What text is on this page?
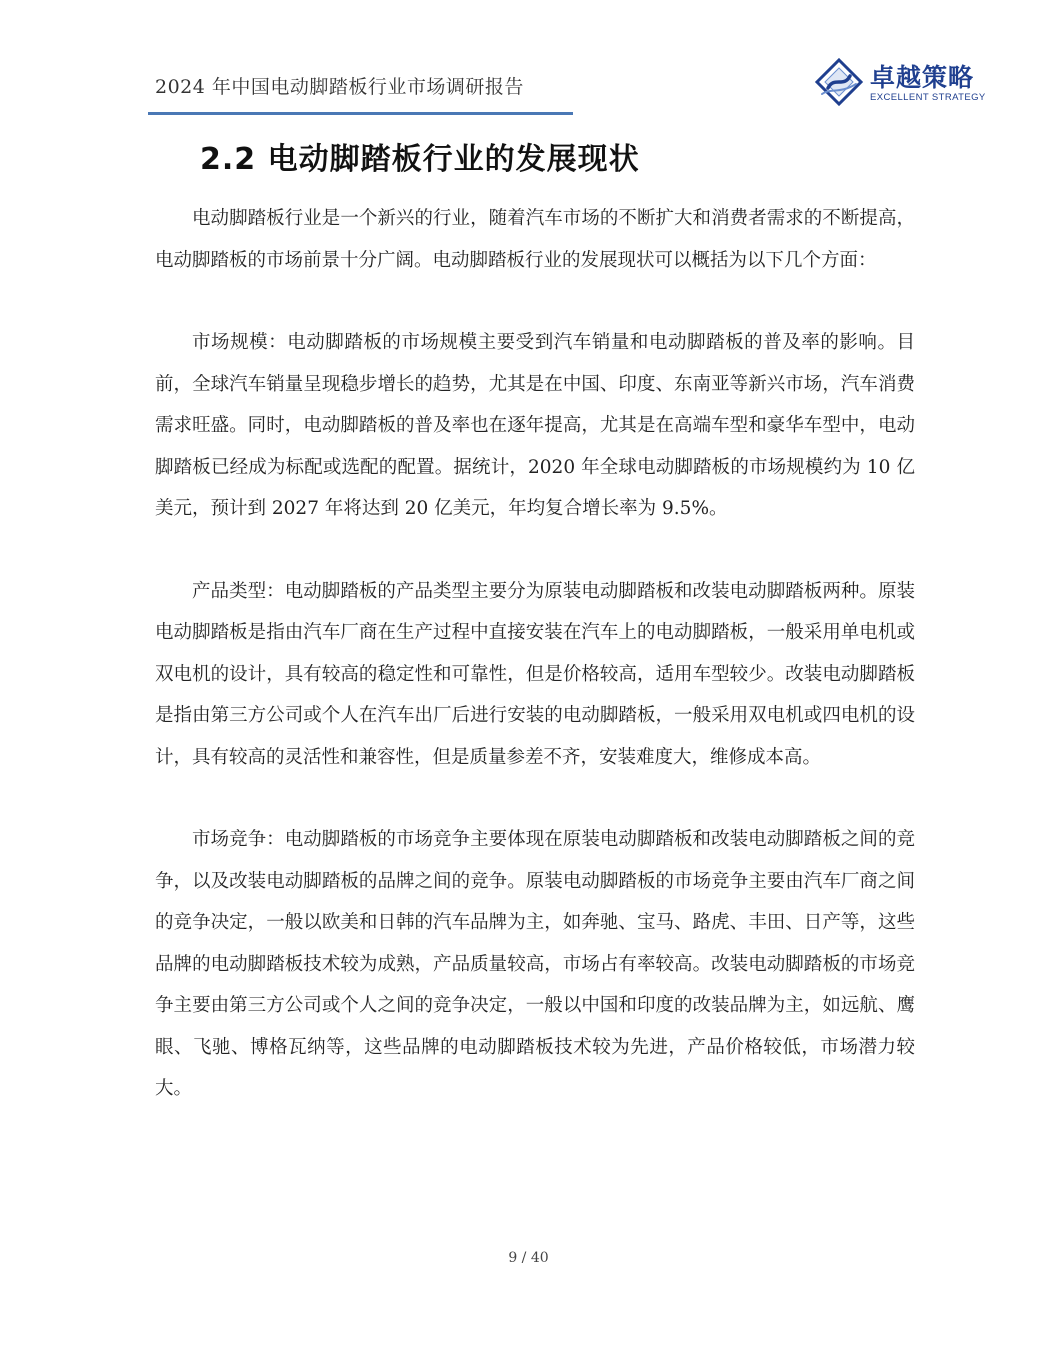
2024 年中国电动脚踏板行业市场调研报告	卓越策略
EXCELLENT STRATEGY
2.2 电动脚踏板行业的发展现状

电动脚踏板行业是一个新兴的行业，随着汽车市场的不断扩大和消费者需求的不断提高，电动脚踏板的市场前景十分广阔。电动脚踏板行业的发展现状可以概括为以下几个方面：

市场规模：电动脚踏板的市场规模主要受到汽车销量和电动脚踏板的普及率的影响。目前，全球汽车销量呈现稳步增长的趋势，尤其是在中国、印度、东南亚等新兴市场，汽车消费需求旺盛。同时，电动脚踏板的普及率也在逐年提高，尤其是在高端车型和豪华车型中，电动脚踏板已经成为标配或选配的配置。据统计，2020 年全球电动脚踏板的市场规模约为 10 亿美元，预计到 2027 年将达到 20 亿美元，年均复合增长率为 9.5%。

产品类型：电动脚踏板的产品类型主要分为原装电动脚踏板和改装电动脚踏板两种。原装电动脚踏板是指由汽车厂商在生产过程中直接安装在汽车上的电动脚踏板，一般采用单电机或双电机的设计，具有较高的稳定性和可靠性，但是价格较高，适用车型较少。改装电动脚踏板是指由第三方公司或个人在汽车出厂后进行安装的电动脚踏板，一般采用双电机或四电机的设计，具有较高的灵活性和兼容性，但是质量参差不齐，安装难度大，维修成本高。

市场竞争：电动脚踏板的市场竞争主要体现在原装电动脚踏板和改装电动脚踏板之间的竞争，以及改装电动脚踏板的品牌之间的竞争。原装电动脚踏板的市场竞争主要由汽车厂商之间的竞争决定，一般以欧美和日韩的汽车品牌为主，如奔驰、宝马、路虎、丰田、日产等，这些品牌的电动脚踏板技术较为成熟，产品质量较高，市场占有率较高。改装电动脚踏板的市场竞争主要由第三方公司或个人之间的竞争决定，一般以中国和印度的改装品牌为主，如远航、鹰眼、飞驰、博格瓦纳等，这些品牌的电动脚踏板技术较为先进，产品价格较低，市场潜力较大。

9 / 40
